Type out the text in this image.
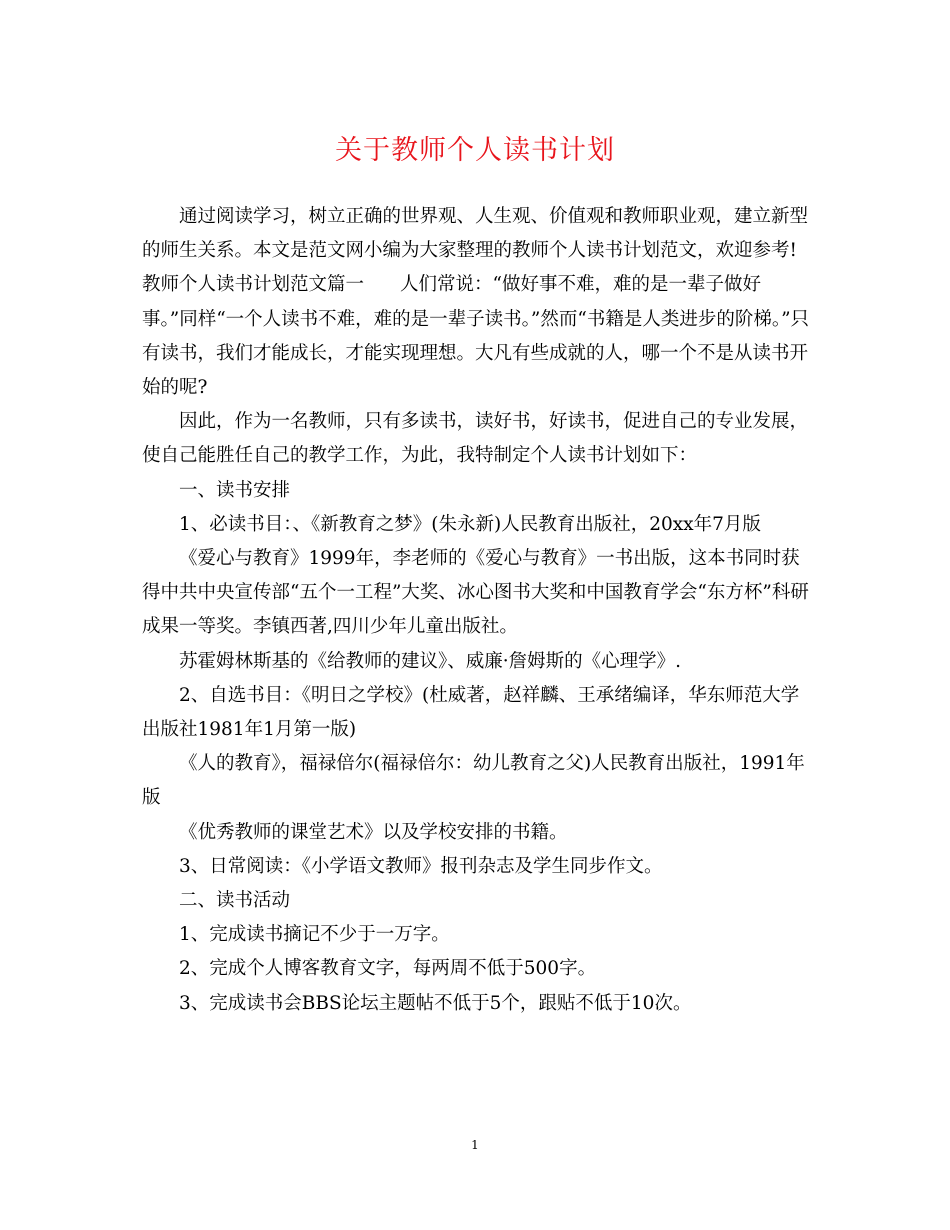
关于教师个人读书计划

通过阅读学习，树立正确的世界观、人生观、价值观和教师职业观，建立新型的师生关系。本文是范文网小编为大家整理的教师个人读书计划范文，欢迎参考!

教师个人读书计划范文篇一 人们常说：“做好事不难，难的是一辈子做好事。”同样“一个人读书不难，难的是一辈子读书。”然而“书籍是人类进步的阶梯。”只有读书，我们才能成长，才能实现理想。大凡有些成就的人，哪一个不是从读书开始的呢?

因此，作为一名教师，只有多读书，读好书，好读书，促进自己的专业发展，使自己能胜任自己的教学工作，为此，我特制定个人读书计划如下：

一、读书安排

1、必读书目：、《新教育之梦》(朱永新)人民教育出版社，20xx年7月版

《爱心与教育》1999年，李老师的《爱心与教育》一书出版，这本书同时获得中共中央宣传部“五个一工程”大奖、冰心图书大奖和中国教育学会“东方杯”科研成果一等奖。李镇西著,四川少年儿童出版社。

苏霍姆林斯基的《给教师的建议》、威廉·詹姆斯的《心理学》.

2、自选书目：《明日之学校》(杜威著，赵祥麟、王承绪编译，华东师范大学出版社1981年1月第一版)

《人的教育》，福禄倍尔(福禄倍尔：幼儿教育之父)人民教育出版社，1991年版

《优秀教师的课堂艺术》以及学校安排的书籍。

3、日常阅读：《小学语文教师》报刊杂志及学生同步作文。

二、读书活动

1、完成读书摘记不少于一万字。

2、完成个人博客教育文字，每两周不低于500字。

3、完成读书会BBS论坛主题帖不低于5个，跟贴不低于10次。

1
